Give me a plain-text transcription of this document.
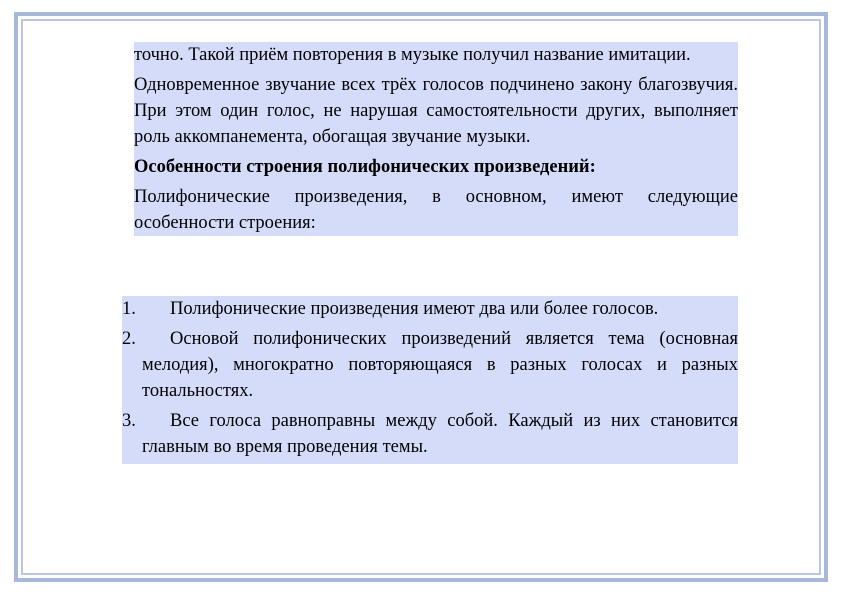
точно. Такой приём повторения в музыке получил название имитации.

Одновременное звучание всех трёх голосов подчинено закону благозвучия. При этом один голос, не нарушая самостоятельности других, выполняет роль аккомпанемента, обогащая звучание музыки.

Особенности строения полифонических произведений:

Полифонические произведения, в основном, имеют следующие особенности строения:

1.	Полифонические произведения имеют два или более голосов.

2.	Основой полифонических произведений является тема (основная мелодия), многократно повторяющаяся в разных голосах и разных тональностях.

3.	Все голоса равноправны между собой. Каждый из них становится главным во время проведения темы.
